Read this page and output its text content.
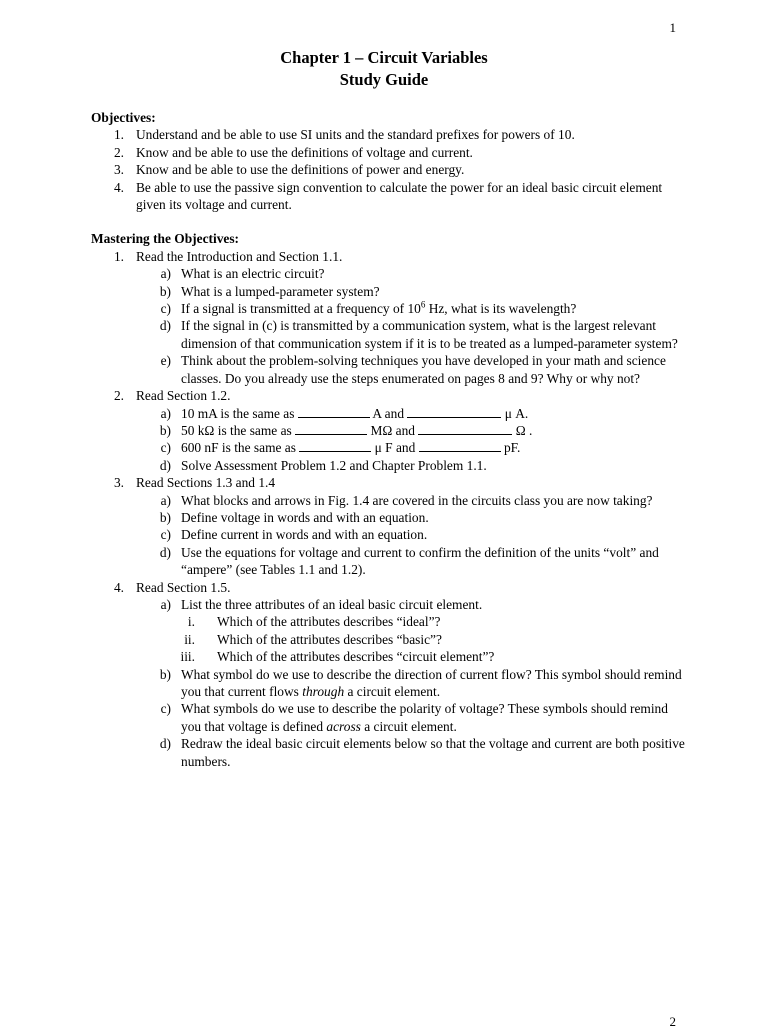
1
Chapter 1 – Circuit Variables
Study Guide

Objectives:

1. Understand and be able to use SI units and the standard prefixes for powers of 10.
2. Know and be able to use the definitions of voltage and current.
3. Know and be able to use the definitions of power and energy.
4. Be able to use the passive sign convention to calculate the power for an ideal basic circuit element given its voltage and current.

Mastering the Objectives:

1. Read the Introduction and Section 1.1.
a) What is an electric circuit?
b) What is a lumped-parameter system?
c) If a signal is transmitted at a frequency of $10^6$ Hz, what is its wavelength?
d) If the signal in (c) is transmitted by a communication system, what is the largest relevant dimension of that communication system if it is to be treated as a lumped-parameter system?
e) Think about the problem-solving techniques you have developed in your math and science classes. Do you already use the steps enumerated on pages 8 and 9? Why or why not?
2. Read Section 1.2.
a) 10 mA is the same as	A and	μ A.
b) 50 kΩ is the same as	MΩ and	Ω .
c) 600 nF is the same as	μ F and	pF.
d) Solve Assessment Problem 1.2 and Chapter Problem 1.1.
3. Read Sections 1.3 and 1.4
a) What blocks and arrows in Fig. 1.4 are covered in the circuits class you are now taking?
b) Define voltage in words and with an equation.
c) Define current in words and with an equation.
d) Use the equations for voltage and current to confirm the definition of the units “volt” and “ampere” (see Tables 1.1 and 1.2).
4. Read Section 1.5.
a) List the three attributes of an ideal basic circuit element.
i.	Which of the attributes describes “ideal”?
ii.	Which of the attributes describes “basic”?
iii.	Which of the attributes describes “circuit element”?
b) What symbol do we use to describe the direction of current flow? This symbol should remind you that current flows through a circuit element.
c) What symbols do we use to describe the polarity of voltage? These symbols should remind you that voltage is defined across a circuit element.
d) Redraw the ideal basic circuit elements below so that the voltage and current are both positive numbers.
2
